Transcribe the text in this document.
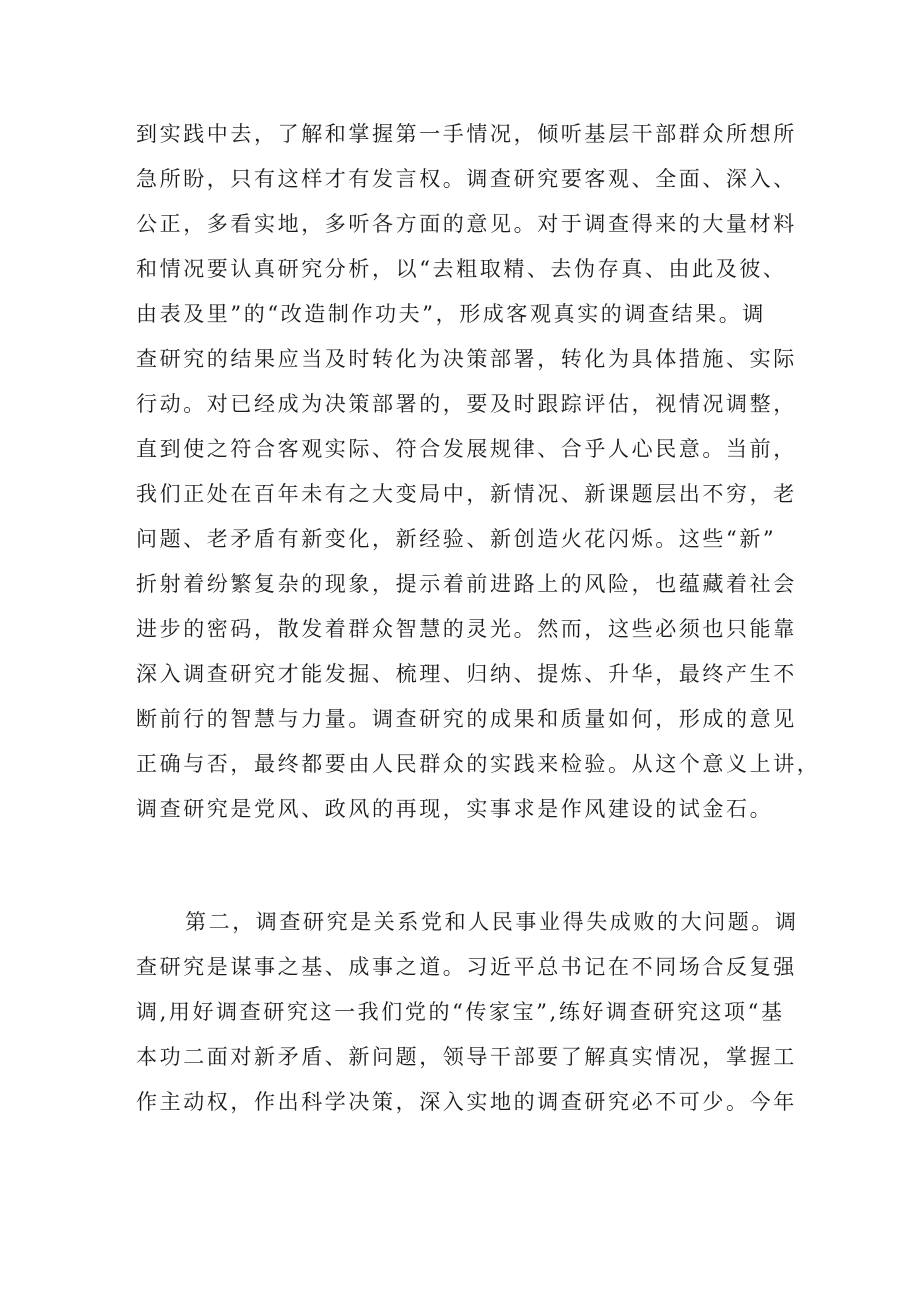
到实践中去，了解和掌握第一手情况，倾听基层干部群众所想所
急所盼，只有这样才有发言权。调查研究要客观、全面、深入、
公正，多看实地，多听各方面的意见。对于调查得来的大量材料
和情况要认真研究分析，以“去粗取精、去伪存真、由此及彼、
由表及里”的“改造制作功夫”，形成客观真实的调查结果。调
查研究的结果应当及时转化为决策部署，转化为具体措施、实际
行动。对已经成为决策部署的，要及时跟踪评估，视情况调整，
直到使之符合客观实际、符合发展规律、合乎人心民意。当前，
我们正处在百年未有之大变局中，新情况、新课题层出不穷，老
问题、老矛盾有新变化，新经验、新创造火花闪烁。这些“新”
折射着纷繁复杂的现象，提示着前进路上的风险，也蕴藏着社会
进步的密码，散发着群众智慧的灵光。然而，这些必须也只能靠
深入调查研究才能发掘、梳理、归纳、提炼、升华，最终产生不
断前行的智慧与力量。调查研究的成果和质量如何，形成的意见
正确与否，最终都要由人民群众的实践来检验。从这个意义上讲，
调查研究是党风、政风的再现，实事求是作风建设的试金石。
第二，调查研究是关系党和人民事业得失成败的大问题。调
查研究是谋事之基、成事之道。习近平总书记在不同场合反复强
调,用好调查研究这一我们党的“传家宝”,练好调查研究这项“基
本功二面对新矛盾、新问题，领导干部要了解真实情况，掌握工
作主动权，作出科学决策，深入实地的调查研究必不可少。今年
